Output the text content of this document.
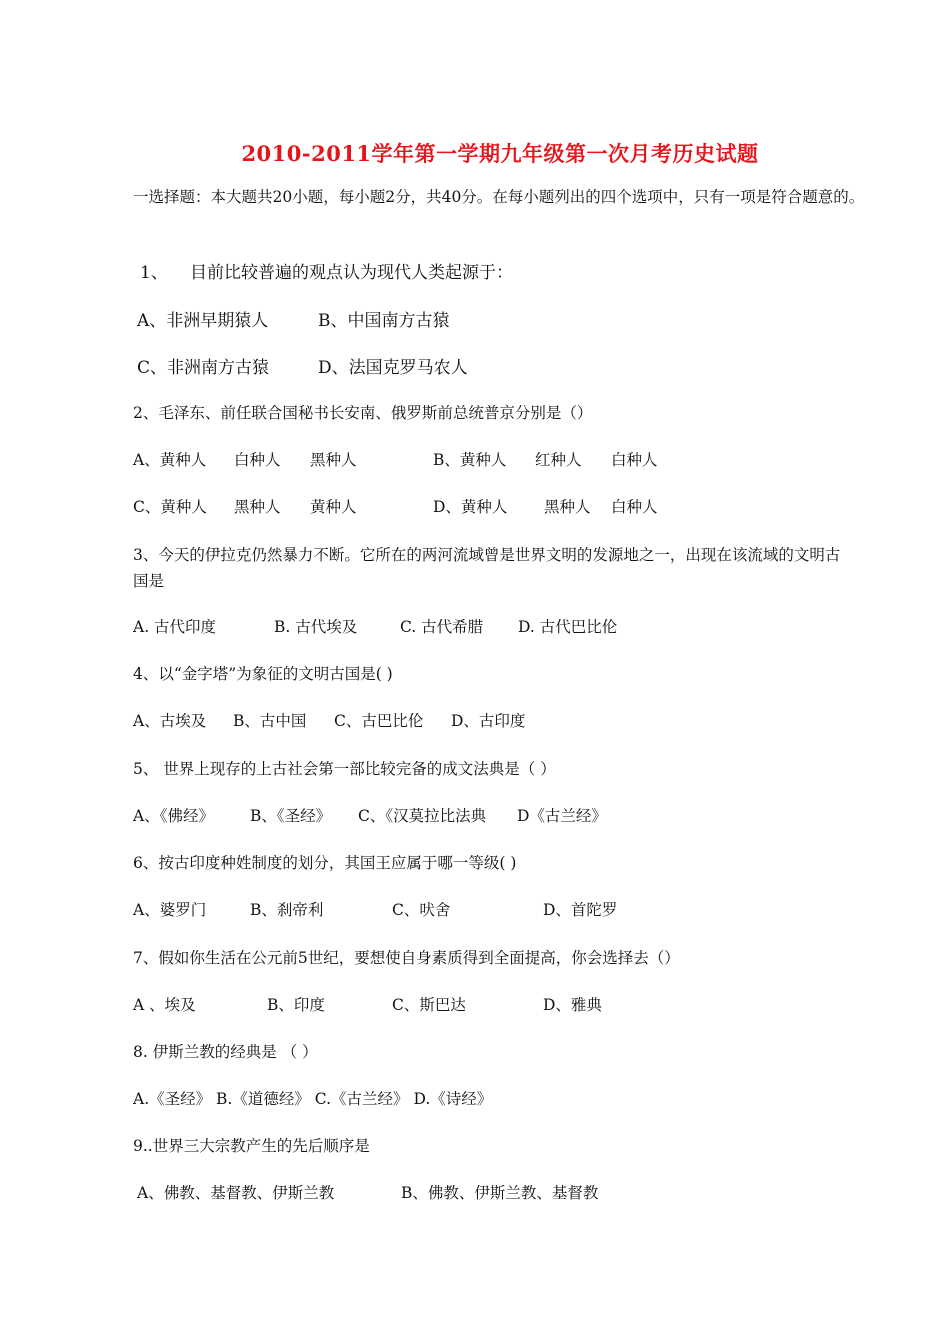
2010-2011学年第一学期九年级第一次月考历史试题
一选择题：本大题共20小题，每小题2分，共40分。在每小题列出的四个选项中，只有一项是符合题意的。
1、 目前比较普遍的观点认为现代人类起源于：
A、非洲早期猿人	B、中国南方古猿
C、非洲南方古猿	D、法国克罗马农人
2、毛泽东、前任联合国秘书长安南、俄罗斯前总统普京分别是（）
A、黄种人 白种人 黑种人	B、黄种人 红种人 白种人
C、黄种人 黑种人 黄种人	D、黄种人 黑种人 白种人
3、今天的伊拉克仍然暴力不断。它所在的两河流域曾是世界文明的发源地之一，出现在该流域的文明古国是
A. 古代印度	B. 古代埃及	C. 古代希腊 D. 古代巴比伦
4、以“金字塔”为象征的文明古国是( )
A、古埃及 B、古中国 C、古巴比伦 D、古印度
5、 世界上现存的上古社会第一部比较完备的成文法典是（ ）
A、《佛经》 B、《圣经》 C、《汉莫拉比法典 D《古兰经》
6、按古印度种姓制度的划分，其国王应属于哪一等级( )
A、婆罗门	B、刹帝利	C、吠舍	D、首陀罗
7、假如你生活在公元前5世纪，要想使自身素质得到全面提高，你会选择去（）
A 、埃及	B、印度	C、斯巴达	D、雅典
8. 伊斯兰教的经典是 （ ）
A.《圣经》 B.《道德经》 C.《古兰经》 D.《诗经》
9..世界三大宗教产生的先后顺序是
A、佛教、基督教、伊斯兰教	B、佛教、伊斯兰教、基督教
